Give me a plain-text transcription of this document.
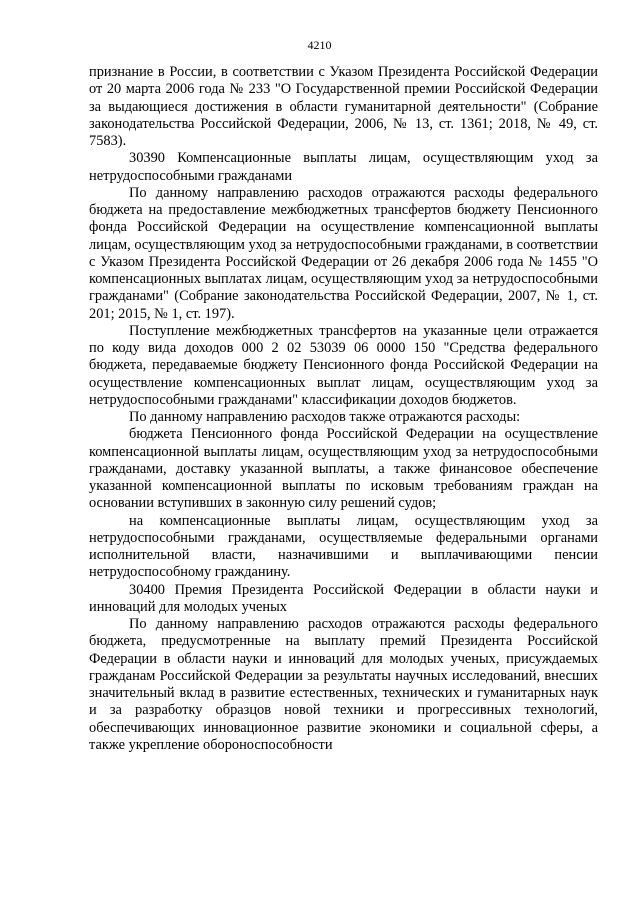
4210

признание в России, в соответствии с Указом Президента Российской Федерации от 20 марта 2006 года № 233 "О Государственной премии Российской Федерации за выдающиеся достижения в области гуманитарной деятельности" (Собрание законодательства Российской Федерации, 2006, № 13, ст. 1361; 2018, № 49, ст. 7583).

30390 Компенсационные выплаты лицам, осуществляющим уход за нетрудоспособными гражданами

По данному направлению расходов отражаются расходы федерального бюджета на предоставление межбюджетных трансфертов бюджету Пенсионного фонда Российской Федерации на осуществление компенсационной выплаты лицам, осуществляющим уход за нетрудоспособными гражданами, в соответствии с Указом Президента Российской Федерации от 26 декабря 2006 года № 1455 "О компенсационных выплатах лицам, осуществляющим уход за нетрудоспособными гражданами" (Собрание законодательства Российской Федерации, 2007, № 1, ст. 201; 2015, № 1, ст. 197).

Поступление межбюджетных трансфертов на указанные цели отражается по коду вида доходов 000 2 02 53039 06 0000 150 "Средства федерального бюджета, передаваемые бюджету Пенсионного фонда Российской Федерации на осуществление компенсационных выплат лицам, осуществляющим уход за нетрудоспособными гражданами" классификации доходов бюджетов.

По данному направлению расходов также отражаются расходы:

бюджета Пенсионного фонда Российской Федерации на осуществление компенсационной выплаты лицам, осуществляющим уход за нетрудоспособными гражданами, доставку указанной выплаты, а также финансовое обеспечение указанной компенсационной выплаты по исковым требованиям граждан на основании вступивших в законную силу решений судов;

на компенсационные выплаты лицам, осуществляющим уход за нетрудоспособными гражданами, осуществляемые федеральными органами исполнительной власти, назначившими и выплачивающими пенсии нетрудоспособному гражданину.

30400 Премия Президента Российской Федерации в области науки и инноваций для молодых ученых

По данному направлению расходов отражаются расходы федерального бюджета, предусмотренные на выплату премий Президента Российской Федерации в области науки и инноваций для молодых ученых, присуждаемых гражданам Российской Федерации за результаты научных исследований, внесших значительный вклад в развитие естественных, технических и гуманитарных наук и за разработку образцов новой техники и прогрессивных технологий, обеспечивающих инновационное развитие экономики и социальной сферы, а также укрепление обороноспособности
